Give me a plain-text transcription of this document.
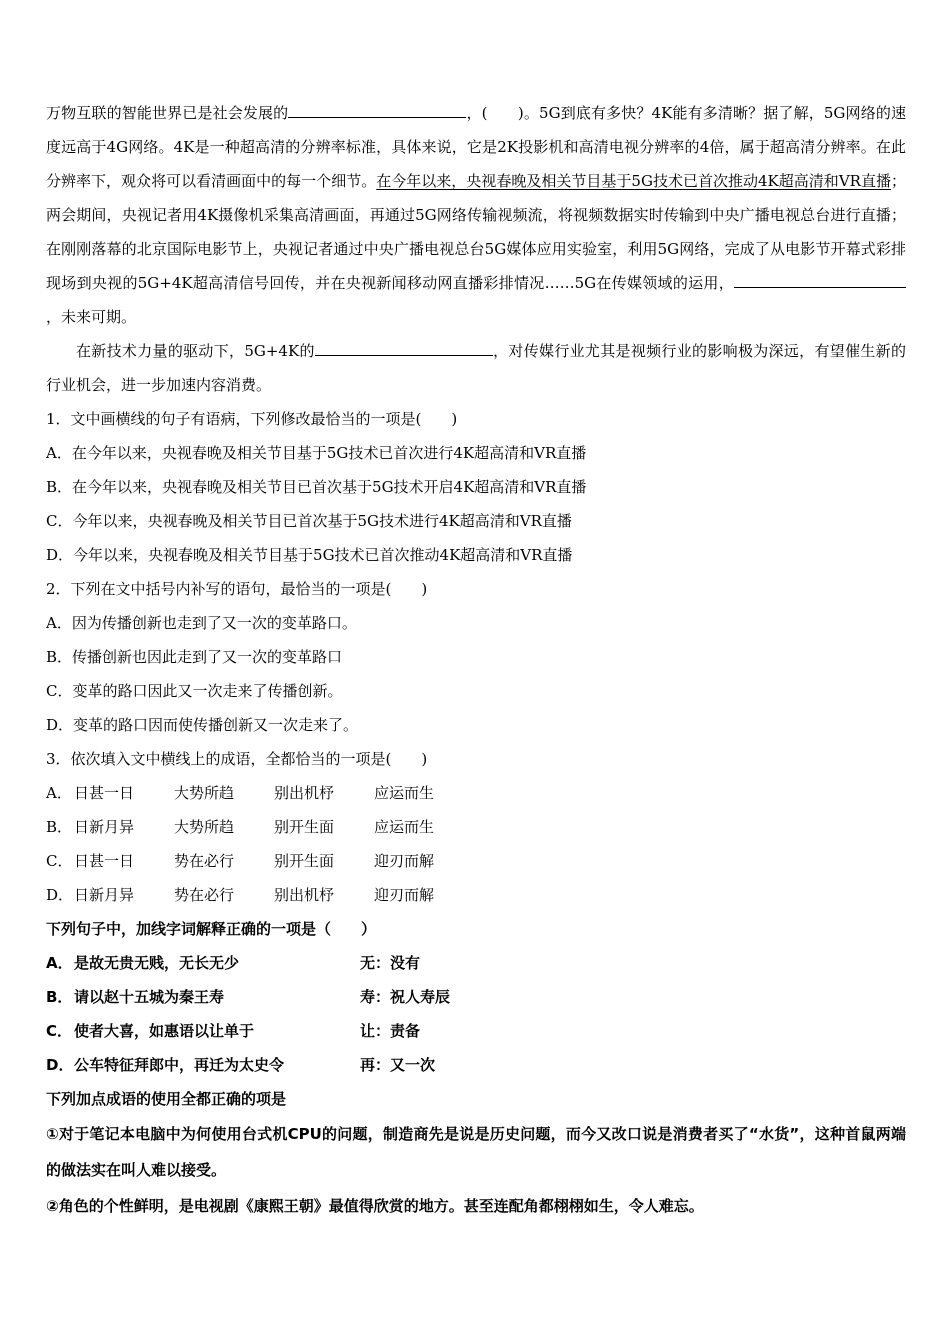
万物互联的智能世界已是社会发展的	，(　　)。5G到底有多快？4K能有多清晰？据了解，5G网络的速度远高于4G网络。4K是一种超高清的分辨率标准，具体来说，它是2K投影机和高清电视分辨率的4倍，属于超高清分辨率。在此分辨率下，观众将可以看清画面中的每一个细节。在今年以来，央视春晚及相关节目基于5G技术已首次推动4K超高清和VR直播；两会期间，央视记者用4K摄像机采集高清画面，再通过5G网络传输视频流，将视频数据实时传输到中央广播电视总台进行直播；在刚刚落幕的北京国际电影节上，央视记者通过中央广播电视总台5G媒体应用实验室，利用5G网络，完成了从电影节开幕式彩排现场到央视的5G+4K超高清信号回传，并在央视新闻移动网直播彩排情况……5G在传媒领域的运用，，未来可期。

在新技术力量的驱动下，5G+4K的	，对传媒行业尤其是视频行业的影响极为深远，有望催生新的行业机会，进一步加速内容消费。

1．文中画横线的句子有语病，下列修改最恰当的一项是(　　)

A．在今年以来，央视春晚及相关节目基于5G技术已首次进行4K超高清和VR直播

B．在今年以来，央视春晚及相关节目已首次基于5G技术开启4K超高清和VR直播

C．今年以来，央视春晚及相关节目已首次基于5G技术进行4K超高清和VR直播

D．今年以来，央视春晚及相关节目基于5G技术已首次推动4K超高清和VR直播

2．下列在文中括号内补写的语句，最恰当的一项是(　　)

A．因为传播创新也走到了又一次的变革路口。

B．传播创新也因此走到了又一次的变革路口

C．变革的路口因此又一次走来了传播创新。

D．变革的路口因而使传播创新又一次走来了。

3．依次填入文中横线上的成语，全都恰当的一项是(　　)

A． 日甚一日	大势所趋	别出机杼	应运而生
B． 日新月异	大势所趋	别开生面	应运而生
C． 日甚一日	势在必行	别开生面	迎刃而解
D． 日新月异	势在必行	别出机杼	迎刃而解

下列句子中，加线字词解释正确的一项是（　　）

A． 是故无贵无贱，无长无少	无：没有
B． 请以赵十五城为秦王寿	寿：祝人寿辰
C． 使者大喜，如惠语以让单于	让：责备
D． 公车特征拜郎中，再迁为太史令	再：又一次

下列加点成语的使用全都正确的项是

①对于笔记本电脑中为何使用台式机CPU的问题，制造商先是说是历史问题，而今又改口说是消费者买了“水货”，这种首鼠两端的做法实在叫人难以接受。

②角色的个性鲜明，是电视剧《康熙王朝》最值得欣赏的地方。甚至连配角都栩栩如生，令人难忘。
